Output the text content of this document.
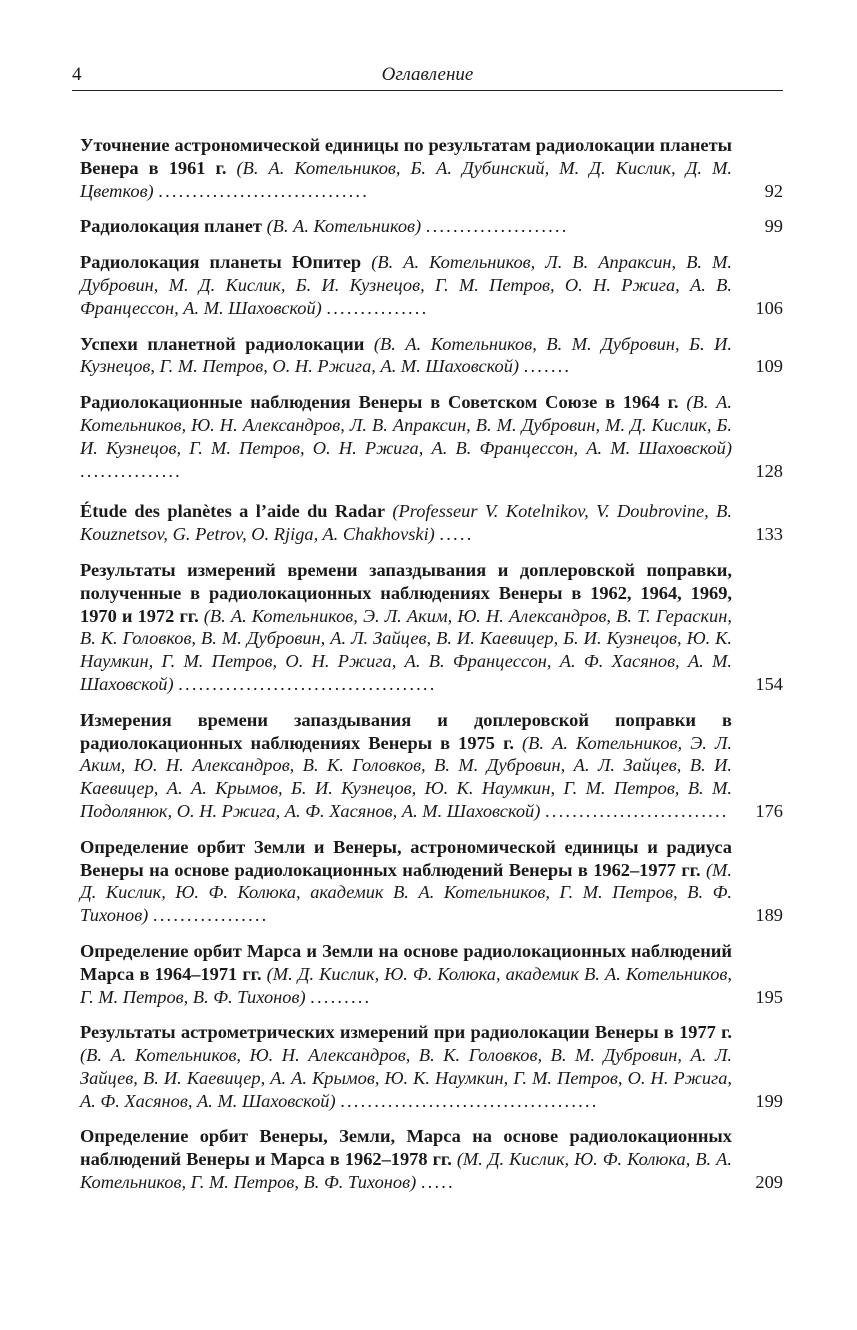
4	Оглавление
Уточнение астрономической единицы по результатам радиолокации планеты Венера в 1961 г. (В. А. Котельников, Б. А. Дубинский, М. Д. Кислик, Д. М. Цветков) ...............................	92
Радиолокация планет (В. А. Котельников) .....................	99
Радиолокация планеты Юпитер (В. А. Котельников, Л. В. Апраксин, В. М. Дубровин, М. Д. Кислик, Б. И. Кузнецов, Г. М. Петров, О. Н. Ржига, А. В. Францессон, А. М. Шаховской) ...............	106
Успехи планетной радиолокации (В. А. Котельников, В. М. Дубровин, Б. И. Кузнецов, Г. М. Петров, О. Н. Ржига, А. М. Шаховской) .......	109
Радиолокационные наблюдения Венеры в Советском Союзе в 1964 г. (В. А. Котельников, Ю. Н. Александров, Л. В. Апраксин, В. М. Дубровин, М. Д. Кислик, Б. И. Кузнецов, Г. М. Петров, О. Н. Ржига, А. В. Францессон, А. М. Шаховской) ...............	128
Étude des planètes a l’aide du Radar (Professeur V. Kotelnikov, V. Doubrovine, B. Kouznetsov, G. Petrov, O. Rjiga, A. Chakhovski) .....	133
Результаты измерений времени запаздывания и доплеровской поправки, полученные в радиолокационных наблюдениях Венеры в 1962, 1964, 1969, 1970 и 1972 гг. (В. А. Котельников, Э. Л. Аким, Ю. Н. Александров, В. Т. Гераскин, В. К. Головков, В. М. Дубровин, А. Л. Зайцев, В. И. Каевицер, Б. И. Кузнецов, Ю. К. Наумкин, Г. М. Петров, О. Н. Ржига, А. В. Францессон, А. Ф. Хасянов, А. М. Шаховской) ......................................	154
Измерения времени запаздывания и доплеровской поправки в радиолокационных наблюдениях Венеры в 1975 г. (В. А. Котельников, Э. Л. Аким, Ю. Н. Александров, В. К. Головков, В. М. Дубровин, А. Л. Зайцев, В. И. Каевицер, А. А. Крымов, Б. И. Кузнецов, Ю. К. Наумкин, Г. М. Петров, В. М. Подолянюк, О. Н. Ржига, А. Ф. Хасянов, А. М. Шаховской) ...........................	176
Определение орбит Земли и Венеры, астрономической единицы и радиуса Венеры на основе радиолокационных наблюдений Венеры в 1962–1977 гг. (М. Д. Кислик, Ю. Ф. Колюка, академик В. А. Котельников, Г. М. Петров, В. Ф. Тихонов) .................	189
Определение орбит Марса и Земли на основе радиолокационных наблюдений Марса в 1964–1971 гг. (М. Д. Кислик, Ю. Ф. Колюка, академик В. А. Котельников, Г. М. Петров, В. Ф. Тихонов) .........	195
Результаты астрометрических измерений при радиолокации Венеры в 1977 г. (В. А. Котельников, Ю. Н. Александров, В. К. Головков, В. М. Дубровин, А. Л. Зайцев, В. И. Каевицер, А. А. Крымов, Ю. К. Наумкин, Г. М. Петров, О. Н. Ржига, А. Ф. Хасянов, А. М. Шаховской) ......................................	199
Определение орбит Венеры, Земли, Марса на основе радиолокационных наблюдений Венеры и Марса в 1962–1978 гг. (М. Д. Кислик, Ю. Ф. Колюка, В. А. Котельников, Г. М. Петров, В. Ф. Тихонов) .....	209
